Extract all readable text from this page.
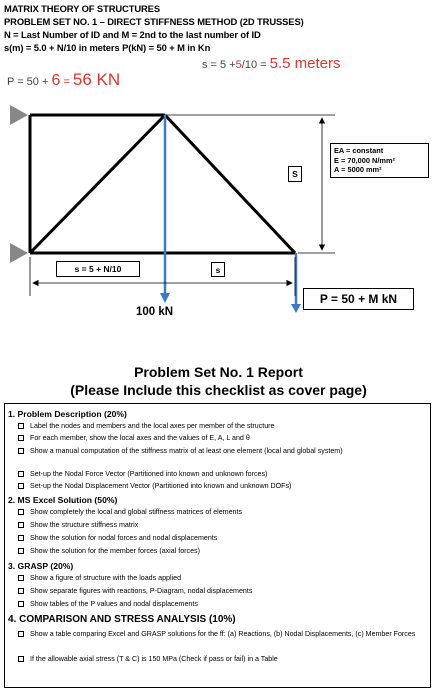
MATRIX THEORY OF STRUCTURES
PROBLEM SET NO. 1 – DIRECT STIFFNESS METHOD (2D TRUSSES)
N = Last Number of ID and M = 2nd to the last number of ID
s(m) = 5.0 + N/10 in meters P(kN) = 50 + M in Kn
s = 5 +5/10 = 5.5 meters
P = 50 + 6 = 56 KN
S
s = 5 + N/10	s
100 kN
P = 50 + M kN
EA = constant
E = 70,000 N/mm²
A = 5000 mm²
Problem Set No. 1 Report
(Please Include this checklist as cover page)
1. Problem Description (20%)
Label the nodes and members and the local axes per member of the structure
For each member, show the local axes and the values of E, A, L and θ
Show a manual computation of the stiffness matrix of at least one element (local and global system)
Set-up the Nodal Force Vector (Partitioned into known and unknown forces)
Set-up the Nodal Displacement Vector (Partitioned into known and unknown DOFs)
2. MS Excel Solution (50%)
Show completely the local and global stiffness matrices of elements
Show the structure stiffness matrix
Show the solution for nodal forces and nodal displacements
Show the solution for the member forces (axial forces)
3. GRASP (20%)
Show a figure of structure with the loads applied
Show separate figures with reactions, P-Diagram, nodal displacements
Show tables of the P values and nodal displacements
4. COMPARISON AND STRESS ANALYSIS (10%)
Show a table comparing Excel and GRASP solutions for the ff: (a) Reactions, (b) Nodal Displacements, (c) Member Forces
If the allowable axial stress (T & C) is 150 MPa (Check if pass or fail) in a Table
